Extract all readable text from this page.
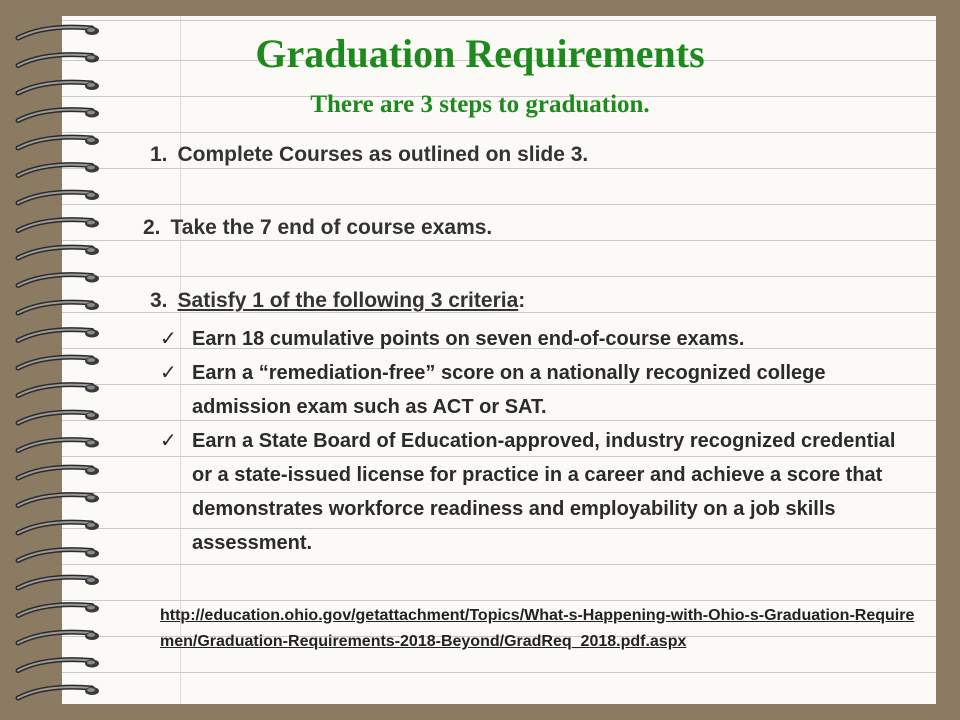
Graduation Requirements
There are 3 steps to graduation.
1. Complete Courses as outlined on slide 3.
2. Take the 7 end of course exams.
3. Satisfy 1 of the following 3 criteria:
✓ Earn 18 cumulative points on seven end-of-course exams.
✓ Earn a “remediation-free” score on a nationally recognized college admission exam such as ACT or SAT.
✓ Earn a State Board of Education-approved, industry recognized credential or a state-issued license for practice in a career and achieve a score that demonstrates workforce readiness and employability on a job skills assessment.
http://education.ohio.gov/getattachment/Topics/What-s-Happening-with-Ohio-s-Graduation-Requiremen/Graduation-Requirements-2018-Beyond/GradReq_2018.pdf.aspx
